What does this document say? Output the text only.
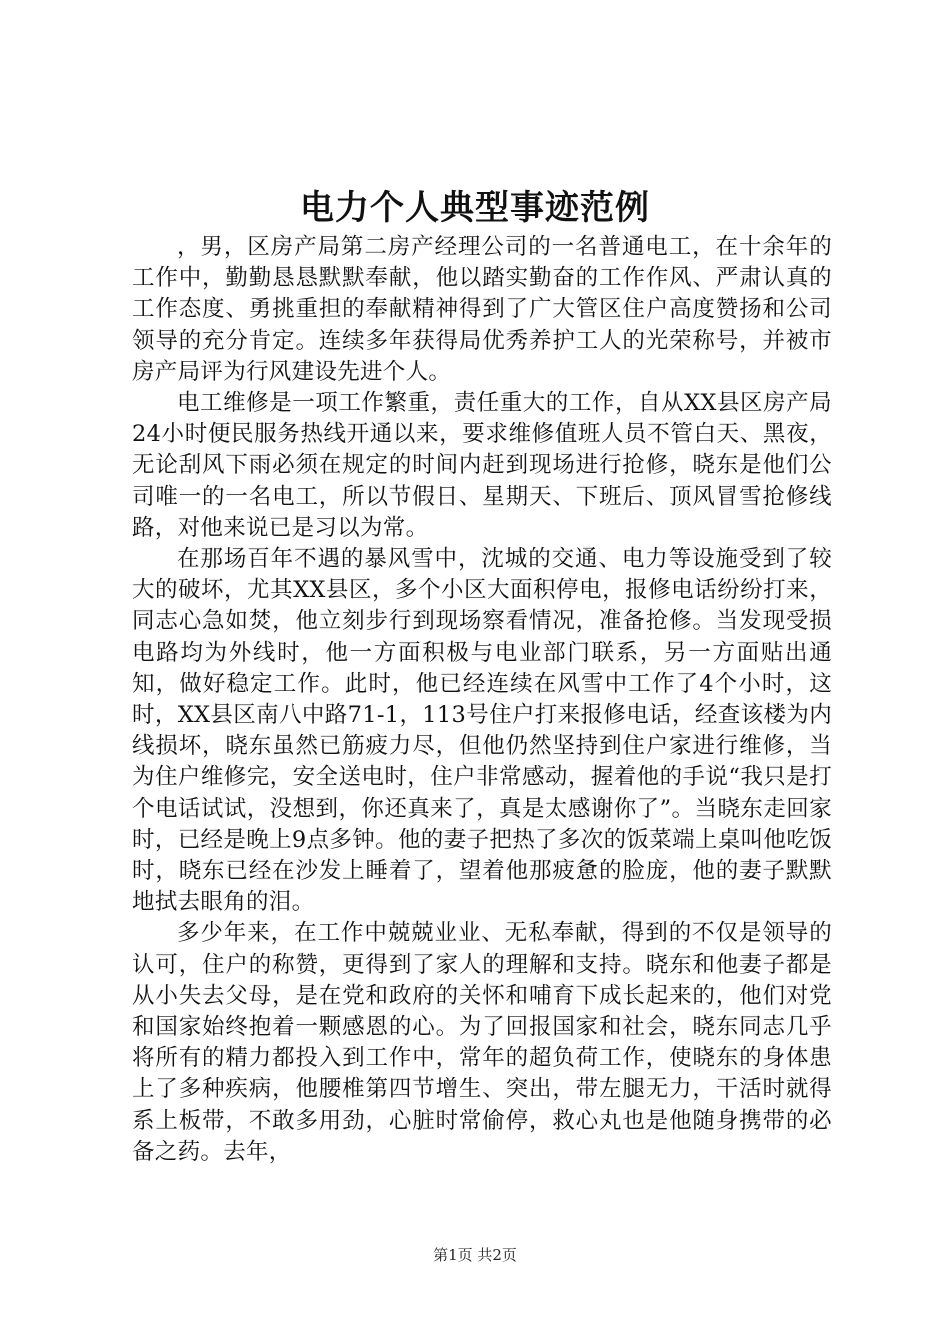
电力个人典型事迹范例

，男，区房产局第二房产经理公司的一名普通电工，在十余年的工作中，勤勤恳恳默默奉献，他以踏实勤奋的工作作风、严肃认真的工作态度、勇挑重担的奉献精神得到了广大管区住户高度赞扬和公司领导的充分肯定。连续多年获得局优秀养护工人的光荣称号，并被市房产局评为行风建设先进个人。

电工维修是一项工作繁重，责任重大的工作，自从XX县区房产局24小时便民服务热线开通以来，要求维修值班人员不管白天、黑夜，无论刮风下雨必须在规定的时间内赶到现场进行抢修，晓东是他们公司唯一的一名电工，所以节假日、星期天、下班后、顶风冒雪抢修线路，对他来说已是习以为常。

在那场百年不遇的暴风雪中，沈城的交通、电力等设施受到了较大的破坏，尤其XX县区，多个小区大面积停电，报修电话纷纷打来，同志心急如焚，他立刻步行到现场察看情况，准备抢修。当发现受损电路均为外线时，他一方面积极与电业部门联系，另一方面贴出通知，做好稳定工作。此时，他已经连续在风雪中工作了4个小时，这时，XX县区南八中路71-1，113号住户打来报修电话，经查该楼为内线损坏，晓东虽然已筋疲力尽，但他仍然坚持到住户家进行维修，当为住户维修完，安全送电时，住户非常感动，握着他的手说“我只是打个电话试试，没想到，你还真来了，真是太感谢你了”。当晓东走回家时，已经是晚上9点多钟。他的妻子把热了多次的饭菜端上桌叫他吃饭时，晓东已经在沙发上睡着了，望着他那疲惫的脸庞，他的妻子默默地拭去眼角的泪。

多少年来，在工作中兢兢业业、无私奉献，得到的不仅是领导的认可，住户的称赞，更得到了家人的理解和支持。晓东和他妻子都是从小失去父母，是在党和政府的关怀和哺育下成长起来的，他们对党和国家始终抱着一颗感恩的心。为了回报国家和社会，晓东同志几乎将所有的精力都投入到工作中，常年的超负荷工作，使晓东的身体患上了多种疾病，他腰椎第四节增生、突出，带左腿无力，干活时就得系上板带，不敢多用劲，心脏时常偷停，救心丸也是他随身携带的必备之药。去年，

第1页 共2页
